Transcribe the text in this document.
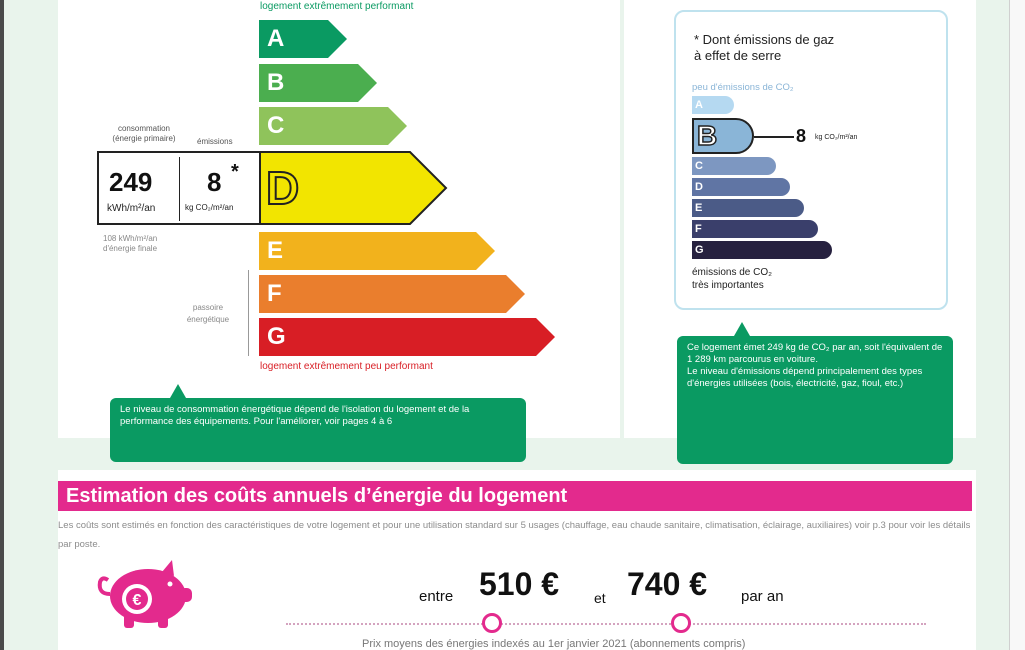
logement extrêmement performant
A
B
C
E
F
G
D
consommation
(énergie primaire)	émissions
249
kWh/m²/an
8 *
kg CO₂/m²/an
108 kWh/m²/an
d'énergie finale
passoire
énergétique
logement extrêmement peu performant
Le niveau de consommation énergétique dépend de l'isolation du logement et de la performance des équipements. Pour l'améliorer, voir pages 4 à 6
* Dont émissions de gaz
à effet de serre
peu d'émissions de CO₂
émissions de CO₂
très importantes
A
C
D
E
F
G
B	8 kg CO₂/m²/an
Ce logement émet 249 kg de CO₂ par an, soit l'équivalent de 1 289 km parcourus en voiture.
Le niveau d'émissions dépend principalement des types d'énergies utilisées (bois, électricité, gaz, fioul, etc.)
Estimation des coûts annuels d’énergie du logement
Les coûts sont estimés en fonction des caractéristiques de votre logement et pour une utilisation standard sur 5 usages (chauffage, eau chaude sanitaire, climatisation, éclairage, auxiliaires) voir p.3 pour voir les détails par poste.
€	entre 510 € et 740 € par an
Prix moyens des énergies indexés au 1er janvier 2021 (abonnements compris)
